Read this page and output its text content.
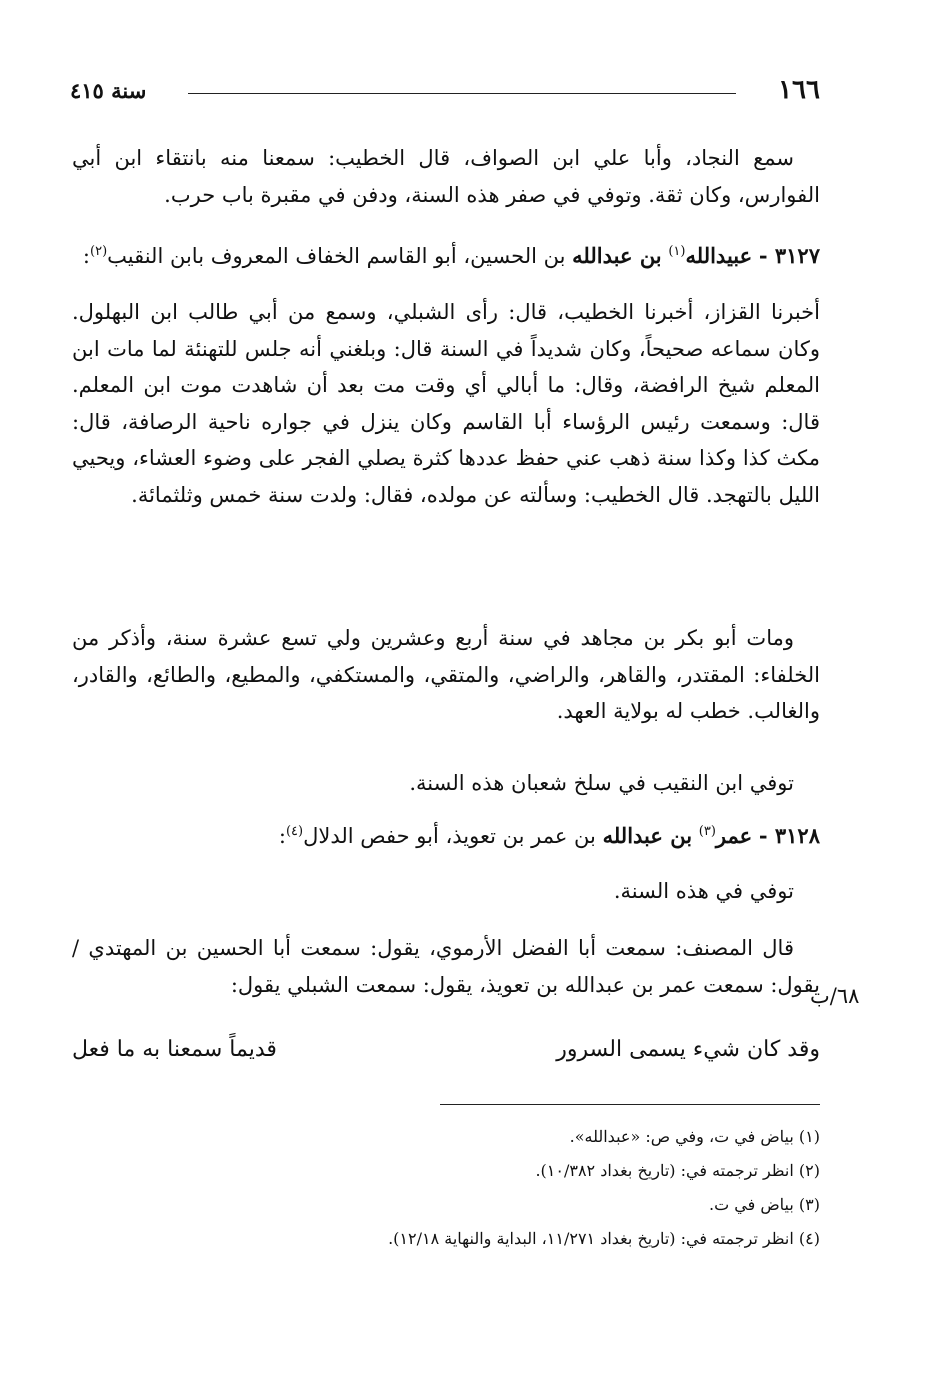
١٦٦
سنة ٤١٥

سمع النجاد، وأبا علي ابن الصواف، قال الخطيب: سمعنا منه بانتقاء ابن أبي الفوارس، وكان ثقة. وتوفي في صفر هذه السنة، ودفن في مقبرة باب حرب.

٣١٢٧ - عبيدالله$^{(١)}$ بن عبدالله بن الحسين، أبو القاسم الخفاف المعروف بابن النقيب$^{(٢)}$:

أخبرنا القزاز، أخبرنا الخطيب، قال: رأى الشبلي، وسمع من أبي طالب ابن البهلول. وكان سماعه صحيحاً، وكان شديداً في السنة قال: وبلغني أنه جلس للتهنئة لما مات ابن المعلم شيخ الرافضة، وقال: ما أبالي أي وقت مت بعد أن شاهدت موت ابن المعلم. قال: وسمعت رئيس الرؤساء أبا القاسم وكان ينزل في جواره ناحية الرصافة، قال: مكث كذا وكذا سنة ذهب عني حفظ عددها كثرة يصلي الفجر على وضوء العشاء، ويحيي الليل بالتهجد. قال الخطيب: وسألته عن مولده، فقال: ولدت سنة خمس وثلثمائة.

ومات أبو بكر بن مجاهد في سنة أربع وعشرين ولي تسع عشرة سنة، وأذكر من الخلفاء: المقتدر، والقاهر، والراضي، والمتقي، والمستكفي، والمطيع، والطائع، والقادر، والغالب. خطب له بولاية العهد.

توفي ابن النقيب في سلخ شعبان هذه السنة.

٣١٢٨ - عمر$^{(٣)}$ بن عبدالله بن عمر بن تعويذ، أبو حفص الدلال$^{(٤)}$:

توفي في هذه السنة.

قال المصنف: سمعت أبا الفضل الأرموي، يقول: سمعت أبا الحسين بن المهتدي / يقول: سمعت عمر بن عبدالله بن تعويذ، يقول: سمعت الشبلي يقول:

٦٨/ب
وقد كان شيء يسمى السرور
قديماً سمعنا به ما فعل

(١) بياض في ت، وفي ص: «عبدالله».

(٢) انظر ترجمته في: (تاريخ بغداد ١٠/٣٨٢).

(٣) بياض في ت.

(٤) انظر ترجمته في: (تاريخ بغداد ١١/٢٧١، البداية والنهاية ١٢/١٨).
